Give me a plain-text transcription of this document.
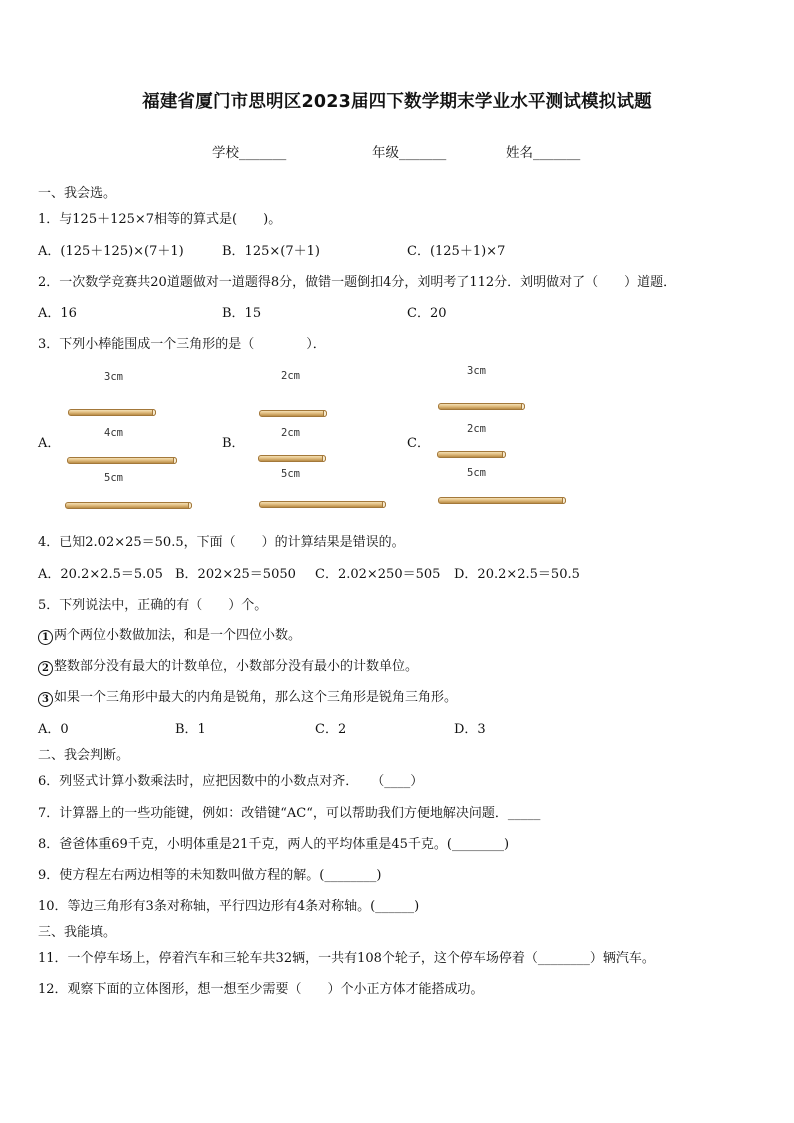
福建省厦门市思明区2023届四下数学期末学业水平测试模拟试题
学校_______	年级_______	姓名_______
一、我会选。
1．与125＋125×7相等的算式是(　　)。
A．(125＋125)×(7＋1)	B．125×(7＋1)	C．(125＋1)×7
2．一次数学竞赛共20道题做对一道题得8分，做错一题倒扣4分，刘明考了112分．刘明做对了（　　）道题．
A．16	B．15	C．20
3．下列小棒能围成一个三角形的是（　　　　）．
A．
3cm
4cm
5cm
B．
2cm
2cm
5cm
C．
3cm
2cm
5cm
4．已知2.02×25＝50.5，下面（　　）的计算结果是错误的。
A．20.2×2.5＝5.05 B．202×25＝5050 C．2.02×250＝505 D．20.2×2.5＝50.5
5．下列说法中，正确的有（　　）个。
1 两个两位小数做加法，和是一个四位小数。
2 整数部分没有最大的计数单位，小数部分没有最小的计数单位。
3 如果一个三角形中最大的内角是锐角，那么这个三角形是锐角三角形。
A．0	B．1	C．2	D．3
二、我会判断。
6．列竖式计算小数乘法时，应把因数中的小数点对齐．　　（____）
7．计算器上的一些功能键，例如：改错键“AC“，可以帮助我们方便地解决问题．_____
8．爸爸体重69千克，小明体重是21千克，两人的平均体重是45千克。(________)
9．使方程左右两边相等的未知数叫做方程的解。(________)
10．等边三角形有3条对称轴，平行四边形有4条对称轴。(______)
三、我能填。
11．一个停车场上，停着汽车和三轮车共32辆，一共有108个轮子，这个停车场停着（________）辆汽车。
12．观察下面的立体图形，想一想至少需要（　　）个小正方体才能搭成功。
